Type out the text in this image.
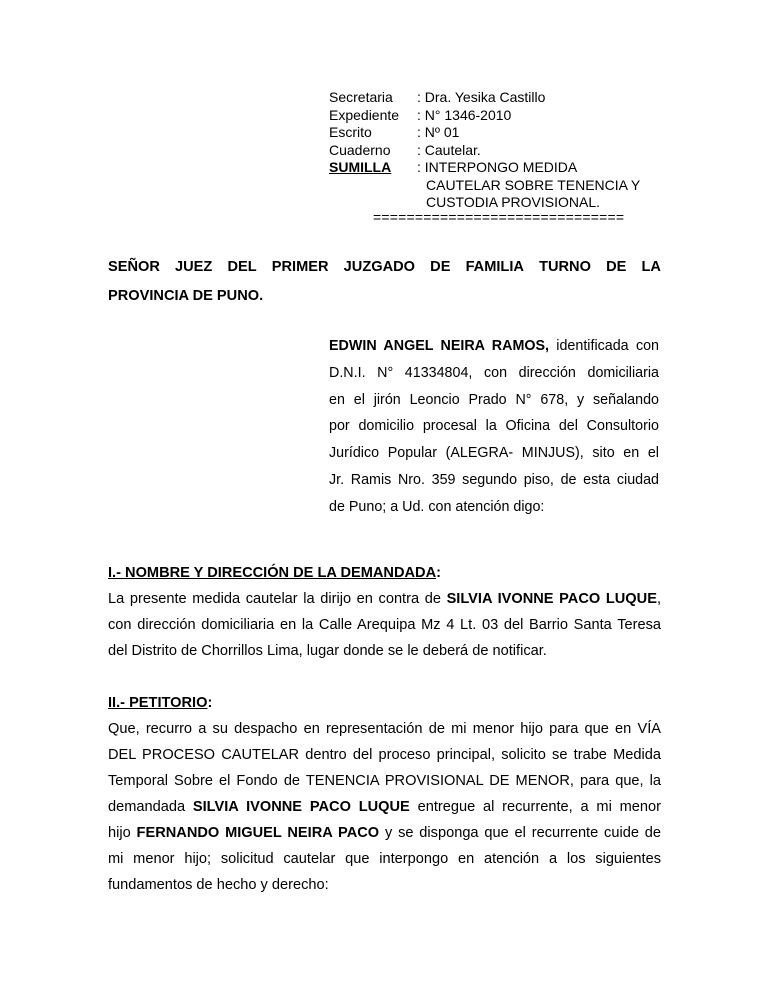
Secretaria	: Dra. Yesika Castillo
Expediente	: N° 1346-2010
Escrito	: Nº 01
Cuaderno	: Cautelar.
SUMILLA	: INTERPONGO MEDIDA
CAUTELAR SOBRE TENENCIA Y
CUSTODIA PROVISIONAL.
==============================
SEÑOR JUEZ DEL PRIMER JUZGADO DE FAMILIA TURNO DE LA
PROVINCIA DE PUNO.
EDWIN ANGEL NEIRA RAMOS, identificada con
D.N.I. N° 41334804, con dirección domiciliaria
en el jirón Leoncio Prado N° 678, y señalando
por domicilio procesal la Oficina del Consultorio
Jurídico Popular (ALEGRA- MINJUS), sito en el
Jr. Ramis Nro. 359 segundo piso, de esta ciudad
de Puno; a Ud. con atención digo:
I.- NOMBRE Y DIRECCIÓN DE LA DEMANDADA:
La presente medida cautelar la dirijo en contra de SILVIA IVONNE PACO LUQUE,
con dirección domiciliaria en la Calle Arequipa Mz 4 Lt. 03 del Barrio Santa Teresa
del Distrito de Chorrillos Lima, lugar donde se le deberá de notificar.
II.- PETITORIO:
Que, recurro a su despacho en representación de mi menor hijo para que en VÍA
DEL PROCESO CAUTELAR dentro del proceso principal, solicito se trabe Medida
Temporal Sobre el Fondo de TENENCIA PROVISIONAL DE MENOR, para que, la
demandada SILVIA IVONNE PACO LUQUE entregue al recurrente, a mi menor
hijo FERNANDO MIGUEL NEIRA PACO y se disponga que el recurrente cuide de
mi menor hijo; solicitud cautelar que interpongo en atención a los siguientes
fundamentos de hecho y derecho:
